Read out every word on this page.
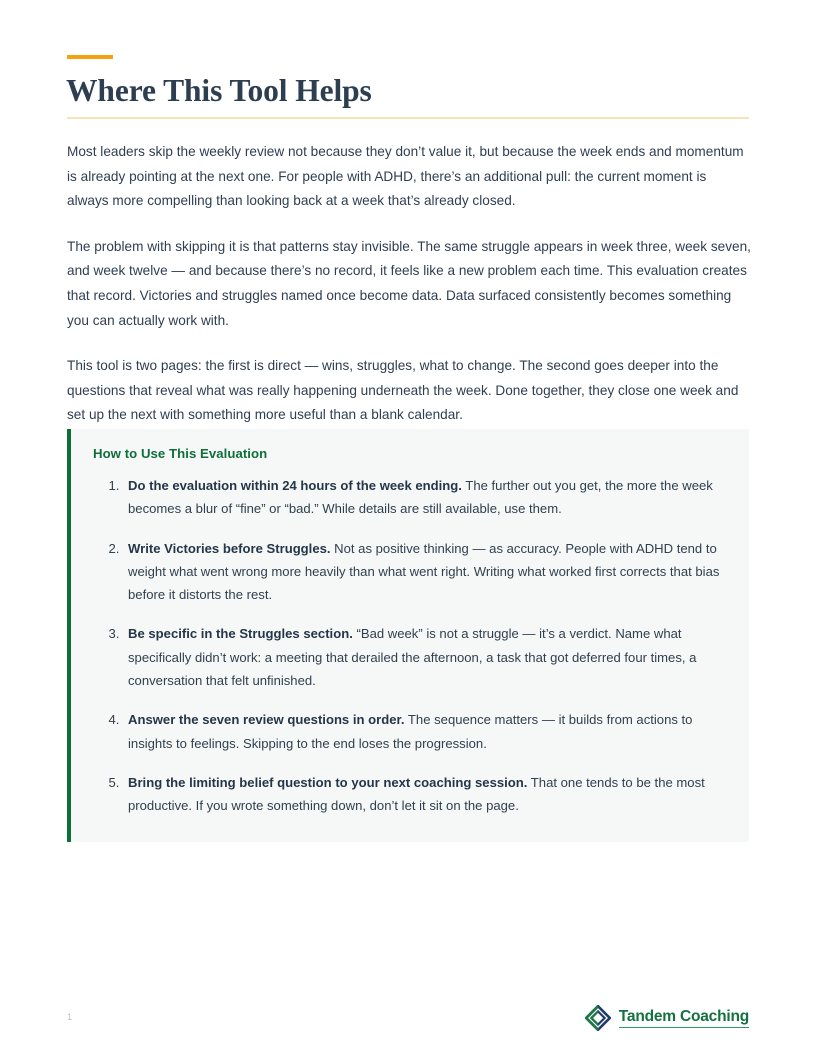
Where This Tool Helps

Most leaders skip the weekly review not because they don’t value it, but because the week ends and momentum is already pointing at the next one. For people with ADHD, there’s an additional pull: the current moment is always more compelling than looking back at a week that’s already closed.

The problem with skipping it is that patterns stay invisible. The same struggle appears in week three, week seven, and week twelve — and because there’s no record, it feels like a new problem each time. This evaluation creates that record. Victories and struggles named once become data. Data surfaced consistently becomes something you can actually work with.

This tool is two pages: the first is direct — wins, struggles, what to change. The second goes deeper into the questions that reveal what was really happening underneath the week. Done together, they close one week and set up the next with something more useful than a blank calendar.

How to Use This Evaluation
1. Do the evaluation within 24 hours of the week ending. The further out you get, the more the week becomes a blur of “fine” or “bad.” While details are still available, use them.
2. Write Victories before Struggles. Not as positive thinking — as accuracy. People with ADHD tend to weight what went wrong more heavily than what went right. Writing what worked first corrects that bias before it distorts the rest.
3. Be specific in the Struggles section. “Bad week” is not a struggle — it’s a verdict. Name what specifically didn’t work: a meeting that derailed the afternoon, a task that got deferred four times, a conversation that felt unfinished.
4. Answer the seven review questions in order. The sequence matters — it builds from actions to insights to feelings. Skipping to the end loses the progression.
5. Bring the limiting belief question to your next coaching session. That one tends to be the most productive. If you wrote something down, don’t let it sit on the page.
1	Tandem Coaching
